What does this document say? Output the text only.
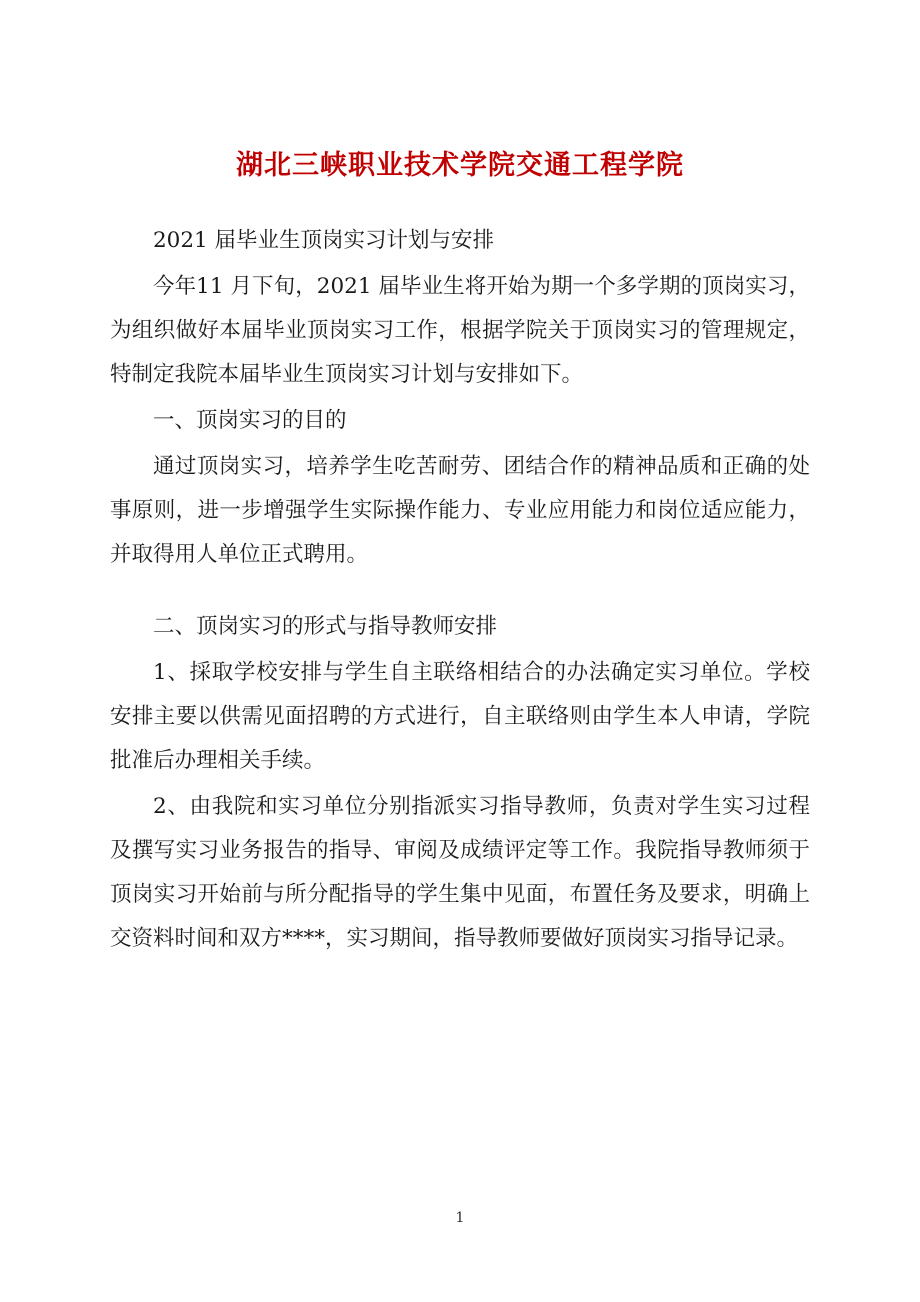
湖北三峡职业技术学院交通工程学院

2021 届毕业生顶岗实习计划与安排

今年11 月下旬，2021 届毕业生将开始为期一个多学期的顶岗实习，为组织做好本届毕业顶岗实习工作，根据学院关于顶岗实习的管理规定，特制定我院本届毕业生顶岗实习计划与安排如下。

一、顶岗实习的目的

通过顶岗实习，培养学生吃苦耐劳、团结合作的精神品质和正确的处事原则，进一步增强学生实际操作能力、专业应用能力和岗位适应能力，并取得用人单位正式聘用。

二、顶岗实习的形式与指导教师安排

1、採取学校安排与学生自主联络相结合的办法确定实习单位。学校安排主要以供需见面招聘的方式进行，自主联络则由学生本人申请，学院批准后办理相关手续。

2、由我院和实习单位分别指派实习指导教师，负责对学生实习过程及撰写实习业务报告的指导、审阅及成绩评定等工作。我院指导教师须于顶岗实习开始前与所分配指导的学生集中见面，布置任务及要求，明确上交资料时间和双方****，实习期间，指导教师要做好顶岗实习指导记录。

1
